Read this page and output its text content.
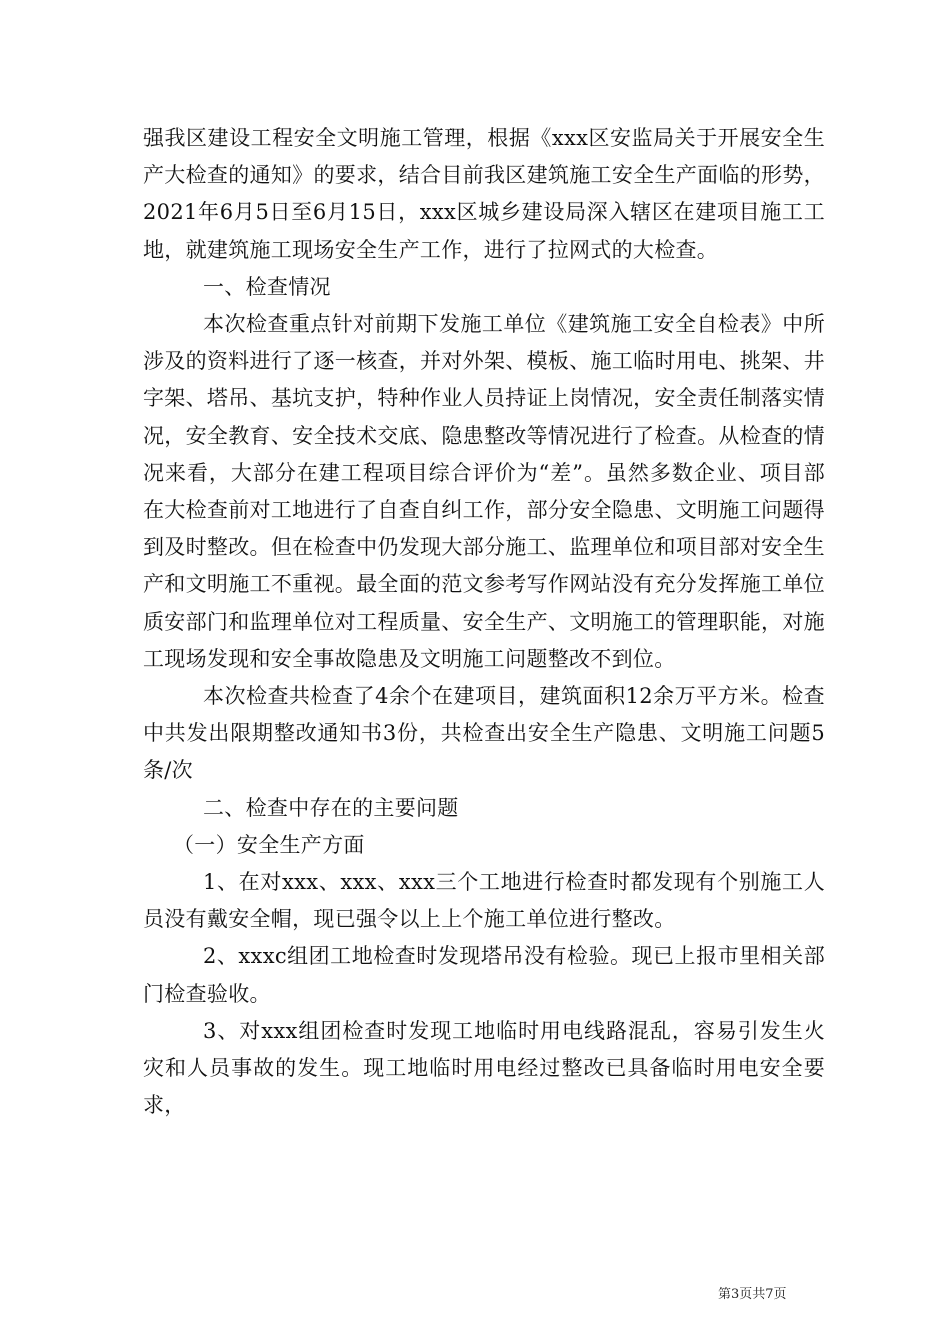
强我区建设工程安全文明施工管理，根据《xxx区安监局关于开展安全生产大检查的通知》的要求，结合目前我区建筑施工安全生产面临的形势，2021年6月5日至6月15日，xxx区城乡建设局深入辖区在建项目施工工地，就建筑施工现场安全生产工作，进行了拉网式的大检查。

一、检查情况

本次检查重点针对前期下发施工单位《建筑施工安全自检表》中所涉及的资料进行了逐一核查，并对外架、模板、施工临时用电、挑架、井字架、塔吊、基坑支护，特种作业人员持证上岗情况，安全责任制落实情况，安全教育、安全技术交底、隐患整改等情况进行了检查。从检查的情况来看，大部分在建工程项目综合评价为“差”。虽然多数企业、项目部在大检查前对工地进行了自查自纠工作，部分安全隐患、文明施工问题得到及时整改。但在检查中仍发现大部分施工、监理单位和项目部对安全生产和文明施工不重视。最全面的范文参考写作网站没有充分发挥施工单位质安部门和监理单位对工程质量、安全生产、文明施工的管理职能，对施工现场发现和安全事故隐患及文明施工问题整改不到位。

本次检查共检查了4余个在建项目，建筑面积12余万平方米。检查中共发出限期整改通知书3份，共检查出安全生产隐患、文明施工问题5条/次

二、检查中存在的主要问题

（一）安全生产方面

1、在对xxx、xxx、xxx三个工地进行检查时都发现有个别施工人员没有戴安全帽，现已强令以上上个施工单位进行整改。

2、xxxc组团工地检查时发现塔吊没有检验。现已上报市里相关部门检查验收。

3、对xxx组团检查时发现工地临时用电线路混乱，容易引发生火灾和人员事故的发生。现工地临时用电经过整改已具备临时用电安全要求，

第3页共7页
